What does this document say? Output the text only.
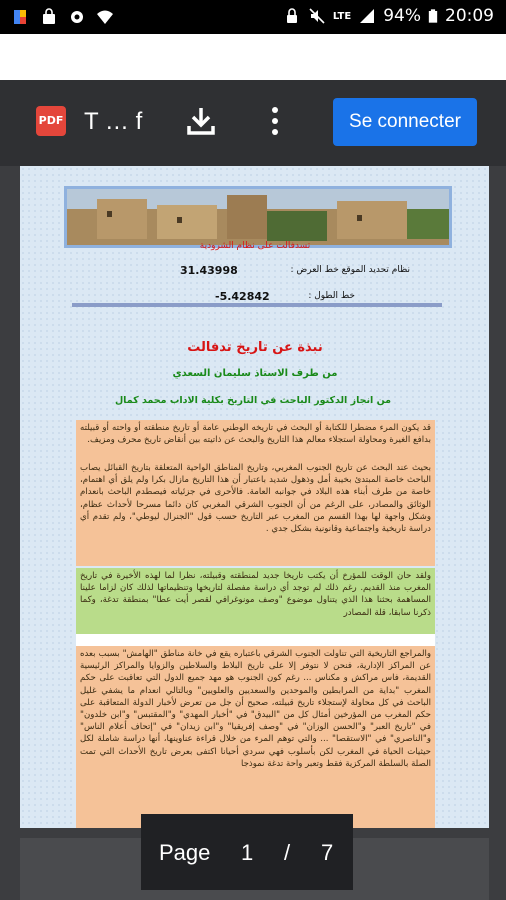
LTE 94% 20:09
PDF T … f	Se connecter
تسدفالت على نظام الشرودية
31.43998	نظام تحديد الموقع خط العرض :
-5.42842	خط الطول :
نبذة عن تاريخ تدفالت
من طرف الاستاذ سليمان السعدي
من انجاز الدكتور الباحث في التاريخ بكلية الاداب محمد كمال
قد يكون المرء مضطرا للكتابة أو البحث في تاريخه الوطني عامة أو تاريخ منطقته أو واحته أو قبيلته بدافع الغيرة ومحاولة استجلاء معالم هذا التاريخ والبحث عن ذاتيته بين أنقاض تاريخ محرف ومزيف.
بحيث عند البحث عن تاريخ الجنوب المغربي، وتاريخ المناطق الواحية المتعلقة بتاريخ القبائل يصاب الباحث خاصة المبتدئ بخيبة أمل وذهول شديد باعتبار أن هذا التاريخ مازال بكرا ولم يلق أي اهتمام، خاصة من طرف أبناء هذه البلاد في جوانبه العامة. فالأحرى في جزئياته فيصطدم الباحث بانعدام الوثائق والمصادر، على الرغم من أن الجنوب الشرقي المغربي كان دائما مسرحا لأحداث عظام، وشكل واجهة لها بهذا القسم من المغرب عبر التاريخ حسب قول "الجنرال ليوطي"، ولم تقدم أي دراسة تاريخية واجتماعية وقانونية بشكل جدي .
ولقد حان الوقت للمؤرخ أن يكتب تاريخا جديد لمنطقته وقبيلته، نظرا لما لهذه الأخيرة في تاريخ المغرب منذ القديم. رغم ذلك لم توجد أي دراسة مفصلة لتاريخها وتنظيماتها لذلك كان لزاما علينا المساهمة بحثنا هذا الذي يتناول موضوع "وصف مونوغرافي لقصر أيت عطا" بمنطقة تدغة، وكما ذكرنا سابقا، قلة المصادر
والمراجع التاريخية التي تناولت الجنوب الشرقي باعتباره يقع في خانة مناطق "الهامش" بسبب بعده عن المراكز الإدارية، فنحن لا نتوفر إلا على تاريخ البلاط والسلاطين والزوايا والمراكز الرئيسية القديمة، فاس مراكش و مكناس ... رغم كون الجنوب هو مهد جميع الدول التي تعاقبت على حكم المغرب "بداية من المرابطين والموحدين والسعديين والعلويين" وبالتالي انعدام ما يشفي غليل الباحث في كل محاولة لإستجلاء تاريخ قبيلته، صحيح أن جل من تعرض لأخبار الدولة المتعاقبة على حكم المغرب من المؤرخين أمثال كل من "البيدق" في "أخبار المهدي" و"المقتبس" و"ابن خلدون" في "تاريخ العبر" و"الحسن الوزان" في "وصف إفريقيا" و"ابن زيدان" في "إتحاف أعلام الناس" و"الناصري" في "الاستقصا" ... والتي توهم المرء من خلال قراءة عناوينها، أنها دراسة شاملة لكل حيثيات الحياة في المغرب لكن بأسلوب فهي سردي أحيانا اكتفى بعرض تاريخ الأحداث التي تمت الصلة بالسلطة المركزية فقط وتعبر واحة تدغة نموذجا
Page 1 / 7
